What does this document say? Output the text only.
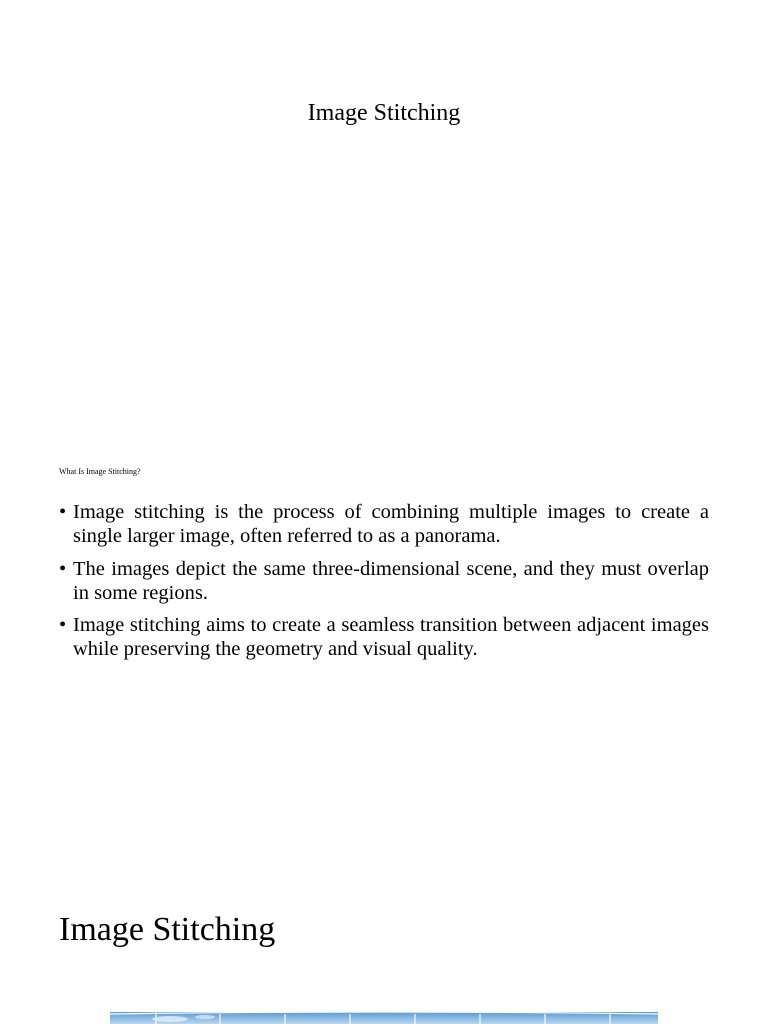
Image Stitching
What Is Image Stitching?
• Image stitching is the process of combining multiple images to create a single larger image, often referred to as a panorama.
• The images depict the same three-dimensional scene, and they must overlap in some regions.
• Image stitching aims to create a seamless transition between adjacent images while preserving the geometry and visual quality.
Image Stitching
